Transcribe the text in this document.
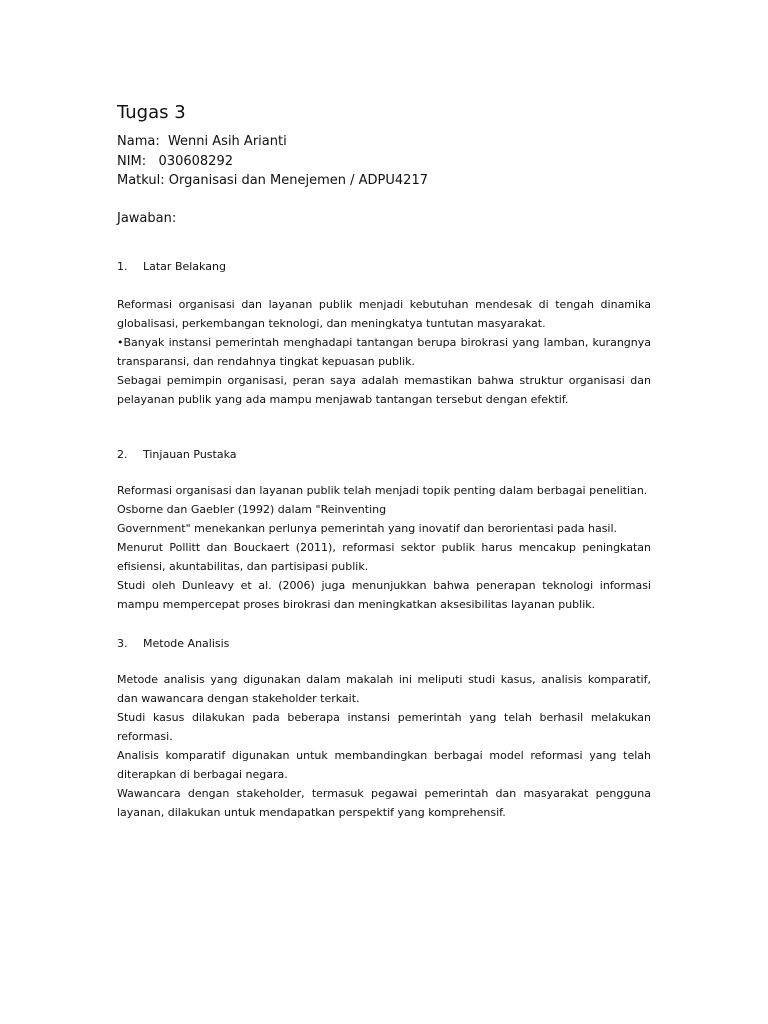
Tugas 3
Nama:  Wenni Asih Arianti
NIM:   030608292
Matkul: Organisasi dan Menejemen / ADPU4217
Jawaban:
1.	Latar Belakang

Reformasi organisasi dan layanan publik menjadi kebutuhan mendesak di tengah dinamika globalisasi, perkembangan teknologi, dan meningkatya tuntutan masyarakat.

•Banyak instansi pemerintah menghadapi tantangan berupa birokrasi yang lamban, kurangnya transparansi, dan rendahnya tingkat kepuasan publik.

Sebagai pemimpin organisasi, peran saya adalah memastikan bahwa struktur organisasi dan pelayanan publik yang ada mampu menjawab tantangan tersebut dengan efektif.

2.	Tinjauan Pustaka

Reformasi organisasi dan layanan publik telah menjadi topik penting dalam berbagai penelitian.

Osborne dan Gaebler (1992) dalam "Reinventing

Government" menekankan perlunya pemerintah yang inovatif dan berorientasi pada hasil.

Menurut Pollitt dan Bouckaert (2011), reformasi sektor publik harus mencakup peningkatan efisiensi, akuntabilitas, dan partisipasi publik.

Studi oleh Dunleavy et al. (2006) juga menunjukkan bahwa penerapan teknologi informasi mampu mempercepat proses birokrasi dan meningkatkan aksesibilitas layanan publik.

3.	Metode Analisis

Metode analisis yang digunakan dalam makalah ini meliputi studi kasus, analisis komparatif, dan wawancara dengan stakeholder terkait.

Studi kasus dilakukan pada beberapa instansi pemerintah yang telah berhasil melakukan reformasi.

Analisis komparatif digunakan untuk membandingkan berbagai model reformasi yang telah diterapkan di berbagai negara.

Wawancara dengan stakeholder, termasuk pegawai pemerintah dan masyarakat pengguna layanan, dilakukan untuk mendapatkan perspektif yang komprehensif.
